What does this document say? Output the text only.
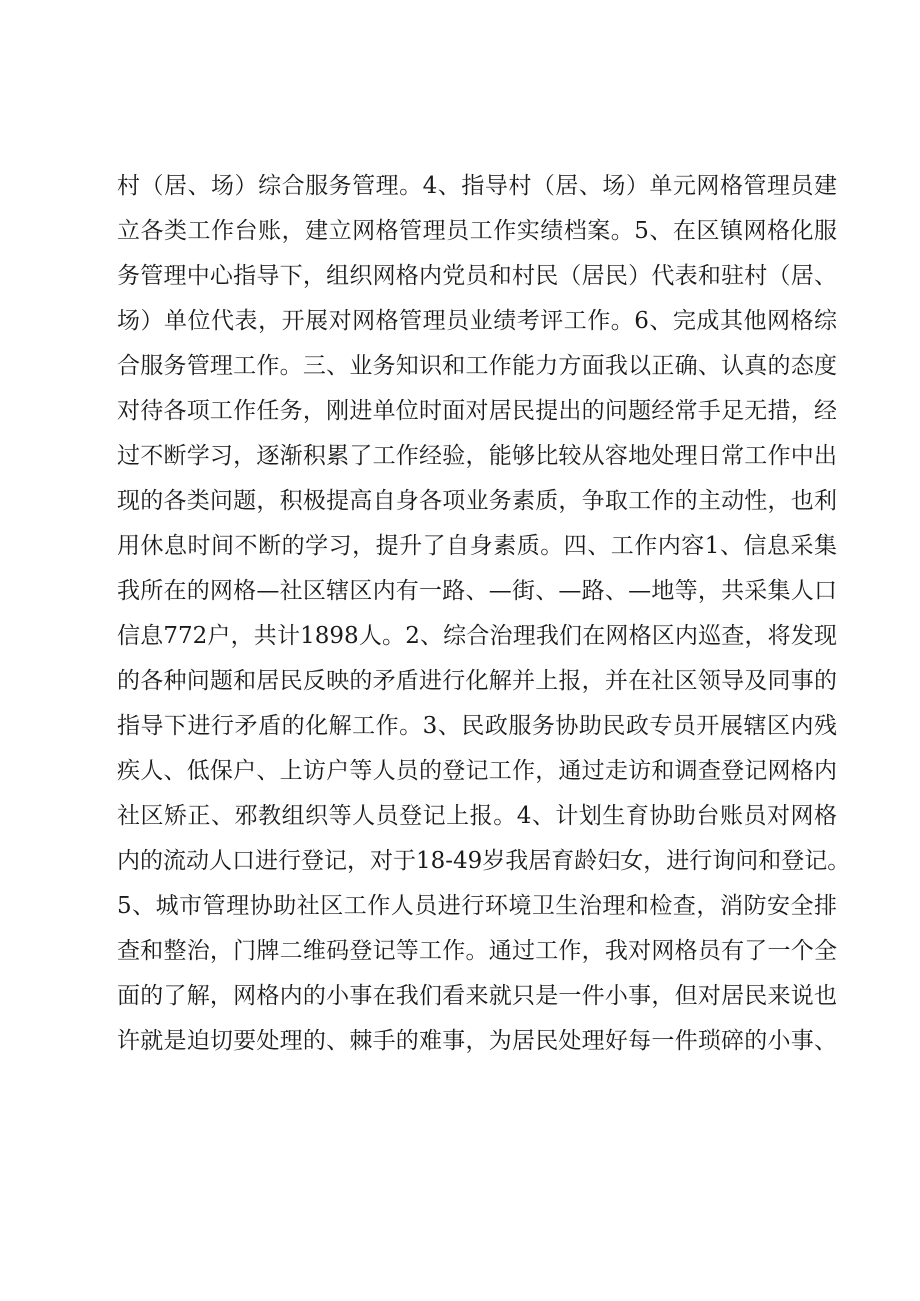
村（居、场）综合服务管理。4、指导村（居、场）单元网格管理员建
立各类工作台账，建立网格管理员工作实绩档案。5、在区镇网格化服
务管理中心指导下，组织网格内党员和村民（居民）代表和驻村（居、
场）单位代表，开展对网格管理员业绩考评工作。6、完成其他网格综
合服务管理工作。三、业务知识和工作能力方面我以正确、认真的态度
对待各项工作任务，刚进单位时面对居民提出的问题经常手足无措，经
过不断学习，逐渐积累了工作经验，能够比较从容地处理日常工作中出
现的各类问题，积极提高自身各项业务素质，争取工作的主动性，也利
用休息时间不断的学习，提升了自身素质。四、工作内容1、信息采集
我所在的网格—社区辖区内有一路、—街、—路、—地等，共采集人口
信息772户，共计1898人。2、综合治理我们在网格区内巡查，将发现
的各种问题和居民反映的矛盾进行化解并上报，并在社区领导及同事的
指导下进行矛盾的化解工作。3、民政服务协助民政专员开展辖区内残
疾人、低保户、上访户等人员的登记工作，通过走访和调查登记网格内
社区矫正、邪教组织等人员登记上报。4、计划生育协助台账员对网格
内的流动人口进行登记，对于18-49岁我居育龄妇女，进行询问和登记。
5、城市管理协助社区工作人员进行环境卫生治理和检查，消防安全排
查和整治，门牌二维码登记等工作。通过工作，我对网格员有了一个全
面的了解，网格内的小事在我们看来就只是一件小事，但对居民来说也
许就是迫切要处理的、棘手的难事，为居民处理好每一件琐碎的小事、
